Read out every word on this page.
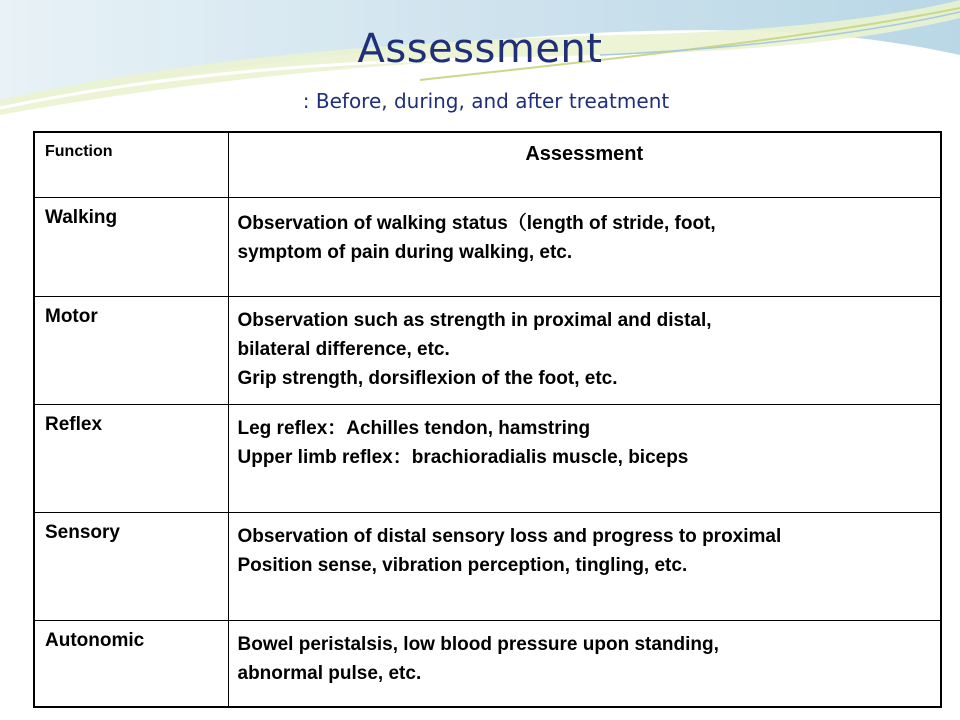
Assessment
: Before, during, and after treatment
Function	Assessment
Walking	Observation of walking status（length of stride, foot,
symptom of pain during walking, etc.

Motor	Observation such as strength in proximal and distal,
bilateral difference, etc.
Grip strength, dorsiflexion of the foot, etc.

Reflex	Leg reflex：Achilles tendon, hamstring
Upper limb reflex：brachioradialis muscle, biceps

Sensory	Observation of distal sensory loss and progress to proximal
Position sense, vibration perception, tingling, etc.

Autonomic	Bowel peristalsis, low blood pressure upon standing,
abnormal pulse, etc.
